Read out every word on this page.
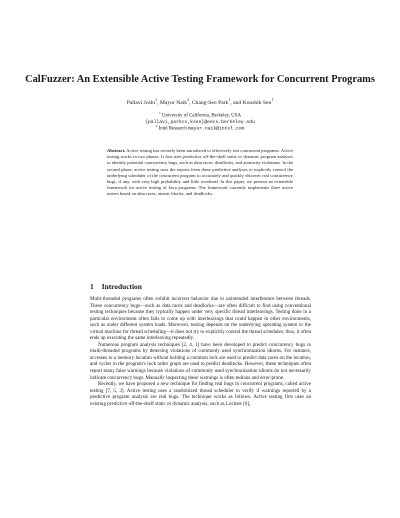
CalFuzzer: An Extensible Active Testing Framework for Concurrent Programs
Pallavi Joshi$^1$, Mayur Naik$^2$, Chang-Seo Park$^1$, and Koushik Sen$^1$
$^1$ University of California, Berkeley, USA
{pallavi,parkcs,ksen}@eecs.berkeley.edu
$^2$ Intel Research mayur.naik@intel.com

Abstract. Active testing has recently been introduced to effectively test concurrent programs. Active testing works in two phases. It first uses predictive off-the-shelf static or dynamic program analyses to identify potential concurrency bugs, such as data races, deadlocks, and atomicity violations. In the second phase, active testing uses the reports from these predictive analyses to explicitly control the underlying scheduler of the concurrent program to accurately and quickly discover real concurrency bugs, if any, with very high probability and little overhead. In this paper, we present an extensible framework for active testing of Java programs. The framework currently implements three active testers based on data races, atomic blocks, and deadlocks.

1 Introduction

Multi-threaded programs often exhibit incorrect behavior due to unintended interference between threads. These concurrency bugs—such as data races and deadlocks—are often difficult to find using conventional testing techniques because they typically happen under very specific thread interleavings. Testing done in a particular environment often fails to come up with interleavings that could happen in other environments, such as under different system loads. Moreover, testing depends on the underlying operating system or the virtual machine for thread scheduling—it does not try to explicitly control the thread schedules; thus, it often ends up executing the same interleaving repeatedly.

Numerous program analysis techniques [2, 4, 1] have been developed to predict concurrency bugs in multi-threaded programs by detecting violations of commonly used synchronization idioms. For instance, accesses to a memory location without holding a common lock are used to predict data races on the location, and cycles in the program's lock order graph are used to predict deadlocks. However, these techniques often report many false warnings because violations of commonly used synchronization idioms do not necessarily indicate concurrency bugs. Manually inspecting these warnings is often tedious and error-prone.

Recently, we have proposed a new technique for finding real bugs in concurrent programs, called active testing [7, 5, 3]. Active testing uses a randomized thread scheduler to verify if warnings reported by a predictive program analysis are real bugs. The technique works as follows. Active testing first uses an existing predictive off-the-shelf static or dynamic analysis, such as Lockset [6],
